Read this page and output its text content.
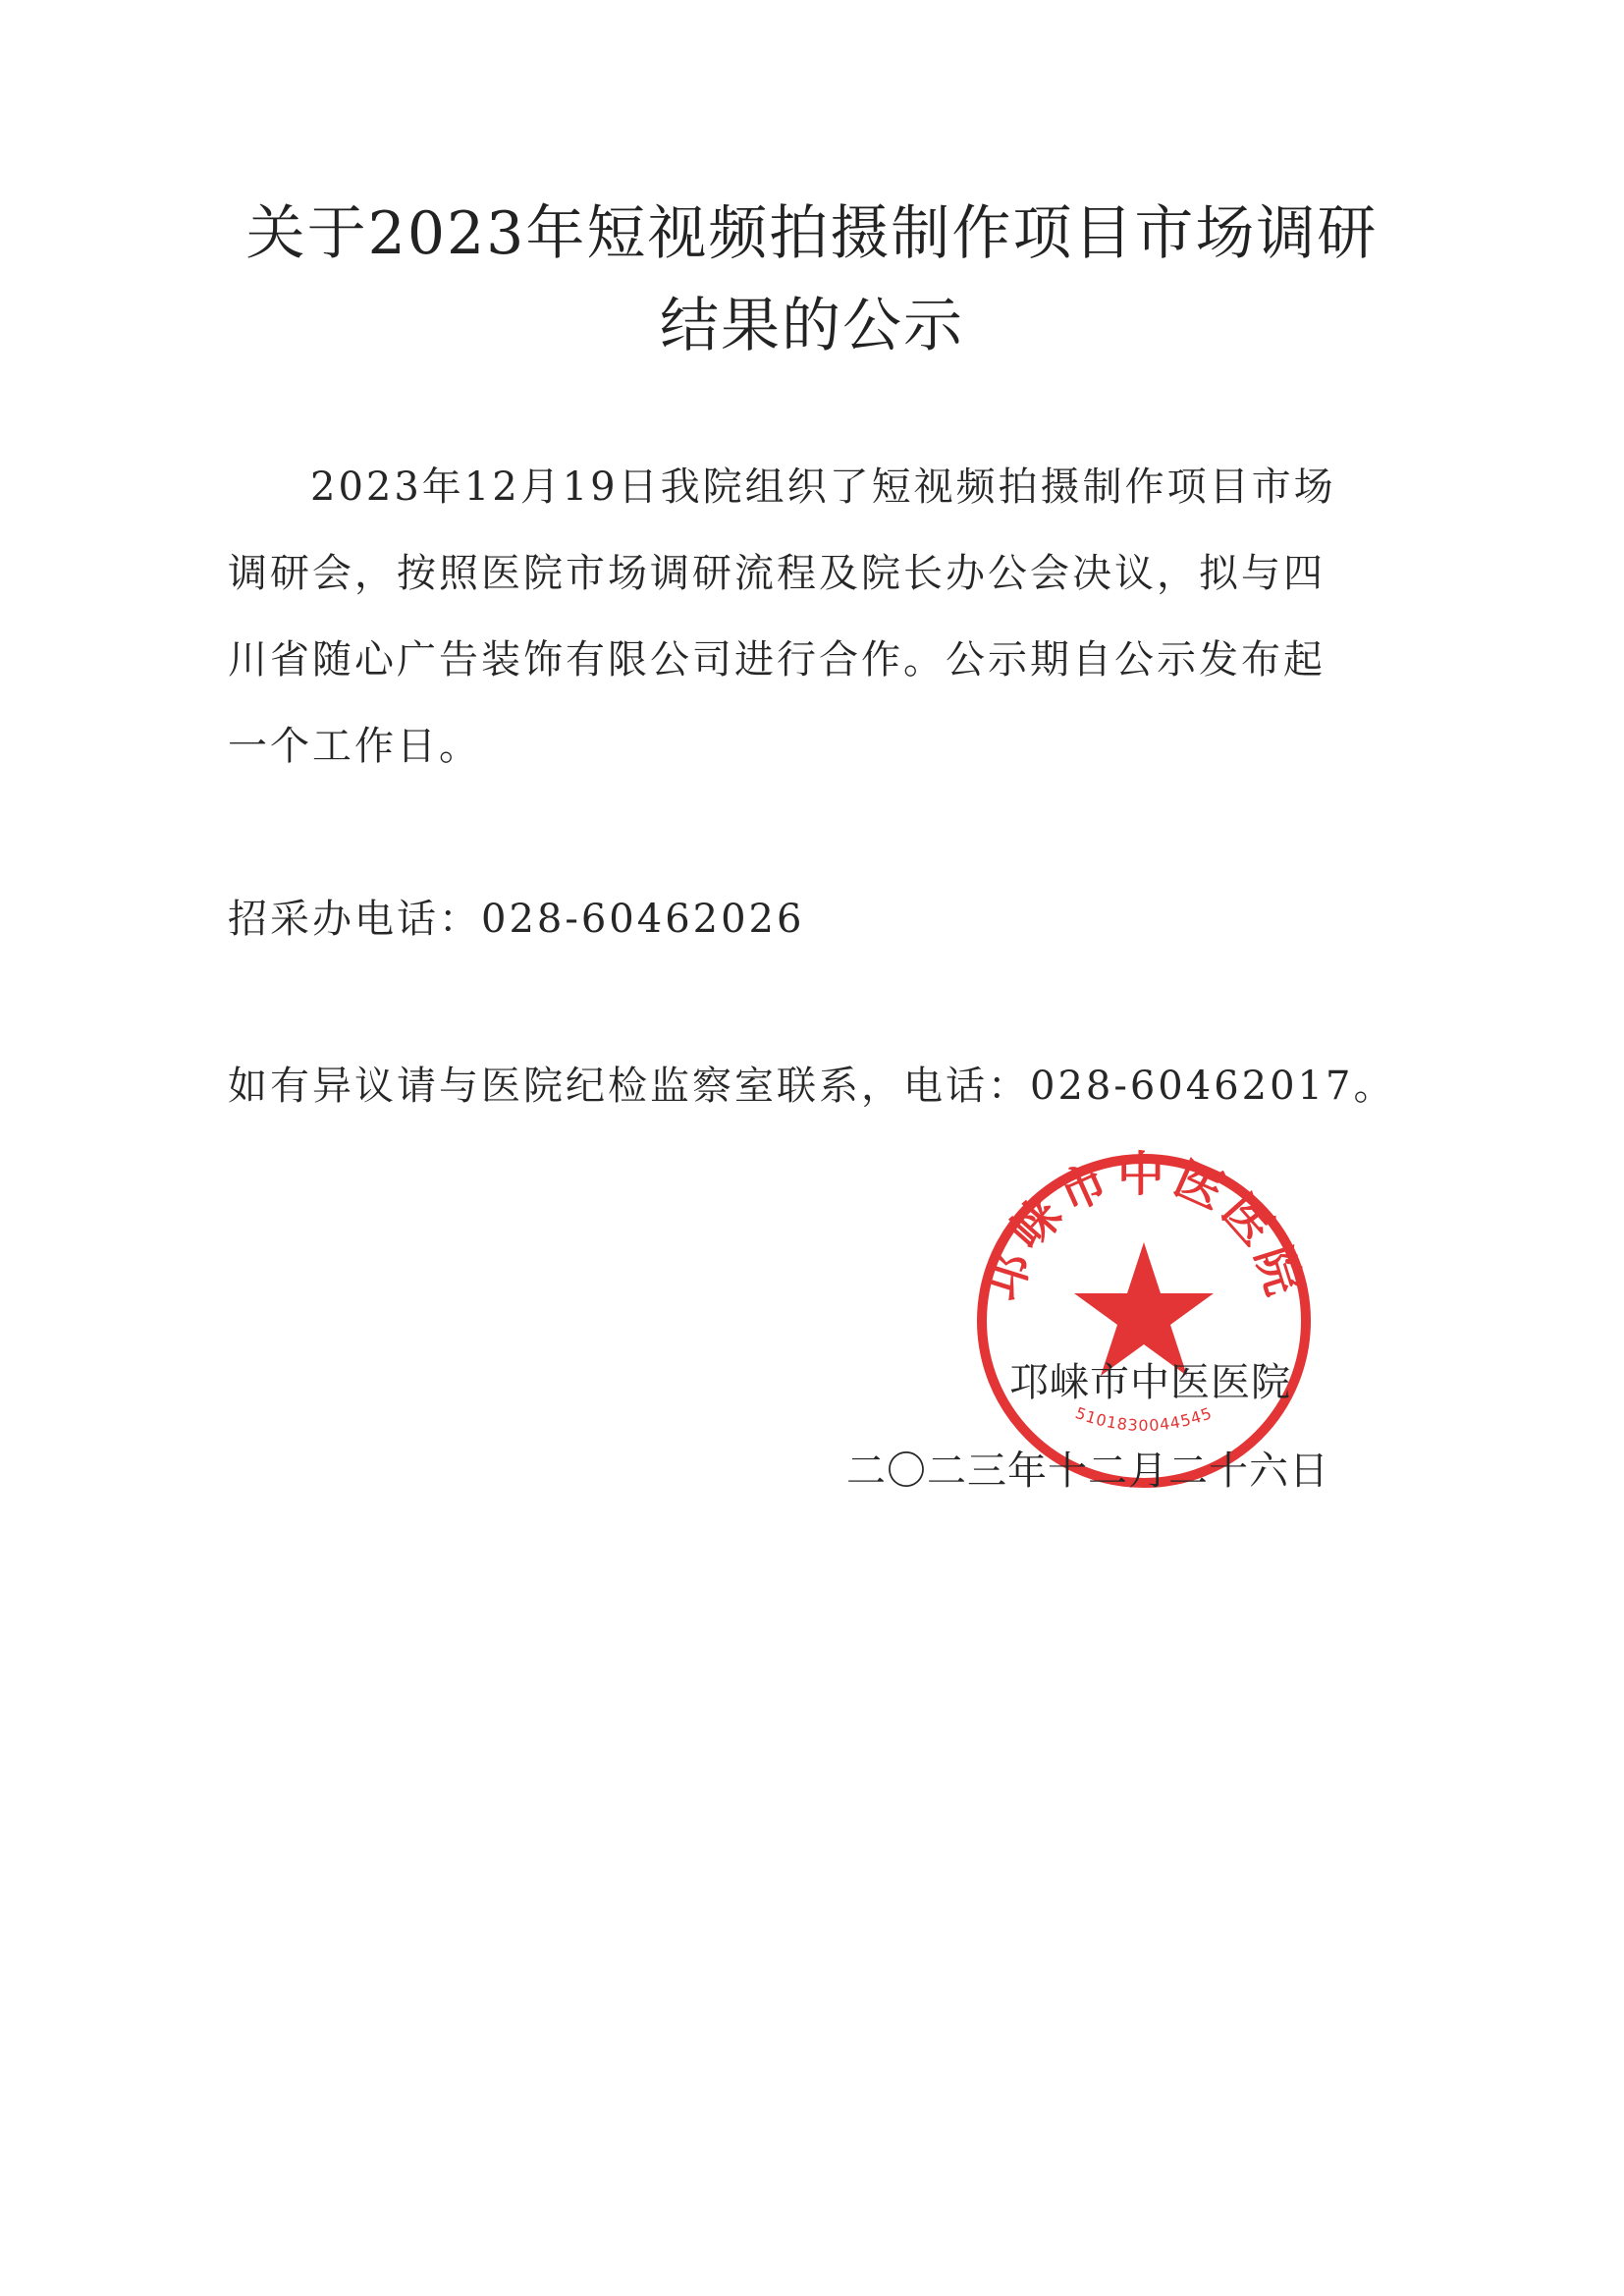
关于2023年短视频拍摄制作项目市场调研
结果的公示
2023年12月19日我院组织了短视频拍摄制作项目市场
调研会，按照医院市场调研流程及院长办公会决议，拟与四
川省随心广告装饰有限公司进行合作。公示期自公示发布起
一个工作日。
招采办电话：028-60462026
如有异议请与医院纪检监察室联系，电话：028-60462017。
邛崃市中医医院
5101830044545
邛崃市中医医院
二〇二三年十二月二十六日
